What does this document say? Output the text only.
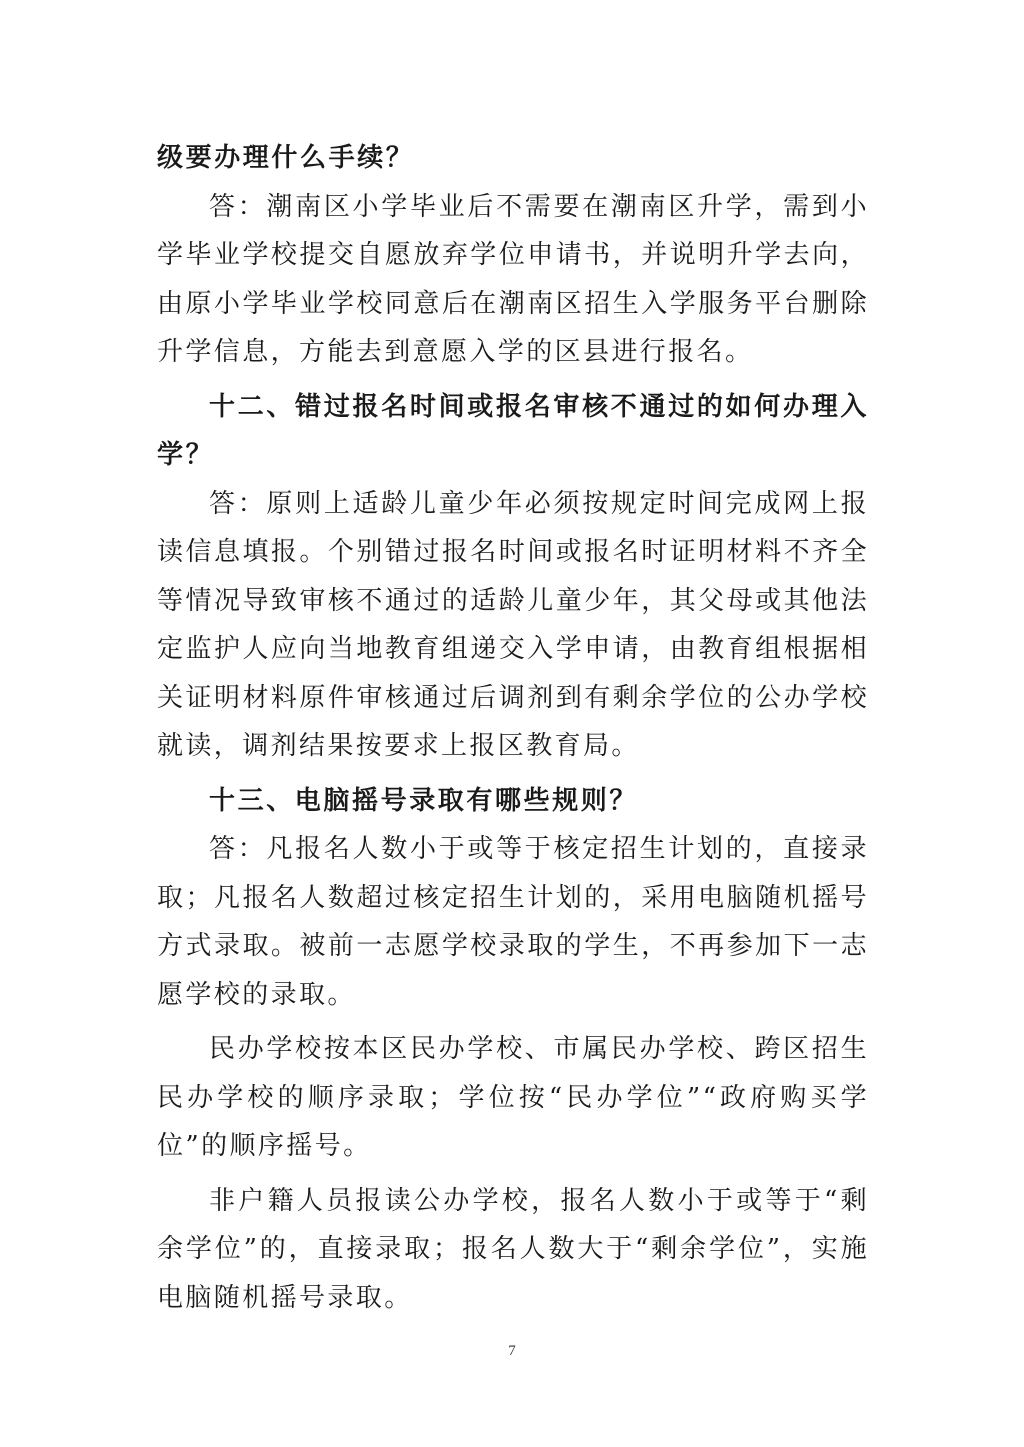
级要办理什么手续？

答：潮南区小学毕业后不需要在潮南区升学，需到小学毕业学校提交自愿放弃学位申请书，并说明升学去向，由原小学毕业学校同意后在潮南区招生入学服务平台删除升学信息，方能去到意愿入学的区县进行报名。

十二、错过报名时间或报名审核不通过的如何办理入学？

答：原则上适龄儿童少年必须按规定时间完成网上报读信息填报。个别错过报名时间或报名时证明材料不齐全等情况导致审核不通过的适龄儿童少年，其父母或其他法定监护人应向当地教育组递交入学申请，由教育组根据相关证明材料原件审核通过后调剂到有剩余学位的公办学校就读，调剂结果按要求上报区教育局。

十三、电脑摇号录取有哪些规则？

答：凡报名人数小于或等于核定招生计划的，直接录取；凡报名人数超过核定招生计划的，采用电脑随机摇号方式录取。被前一志愿学校录取的学生，不再参加下一志愿学校的录取。

民办学校按本区民办学校、市属民办学校、跨区招生民办学校的顺序录取；学位按“民办学位”“政府购买学位”的顺序摇号。

非户籍人员报读公办学校，报名人数小于或等于“剩余学位”的，直接录取；报名人数大于“剩余学位”，实施电脑随机摇号录取。

7
